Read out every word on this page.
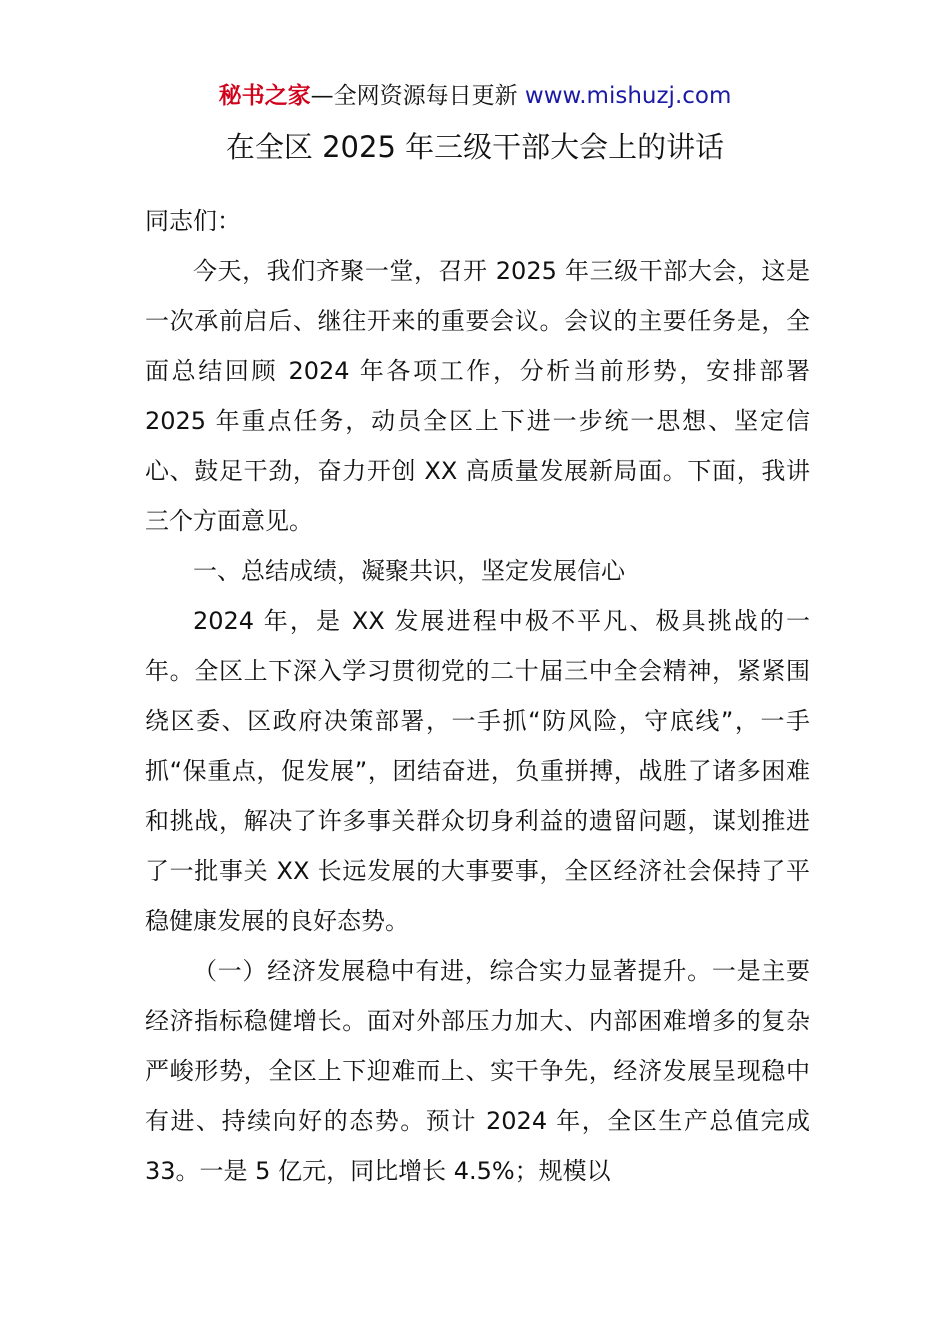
秘书之家—全网资源每日更新 www.mishuzj.com
在全区 2025 年三级干部大会上的讲话

同志们：

今天，我们齐聚一堂，召开 2025 年三级干部大会，这是一次承前启后、继往开来的重要会议。会议的主要任务是，全面总结回顾 2024 年各项工作，分析当前形势，安排部署 2025 年重点任务，动员全区上下进一步统一思想、坚定信心、鼓足干劲，奋力开创 XX 高质量发展新局面。下面，我讲三个方面意见。

一、总结成绩，凝聚共识，坚定发展信心

2024 年，是 XX 发展进程中极不平凡、极具挑战的一年。全区上下深入学习贯彻党的二十届三中全会精神，紧紧围绕区委、区政府决策部署，一手抓“防风险，守底线”，一手抓“保重点，促发展”，团结奋进，负重拼搏，战胜了诸多困难和挑战，解决了许多事关群众切身利益的遗留问题，谋划推进了一批事关 XX 长远发展的大事要事，全区经济社会保持了平稳健康发展的良好态势。

（一）经济发展稳中有进，综合实力显著提升。一是主要经济指标稳健增长。面对外部压力加大、内部困难增多的复杂严峻形势，全区上下迎难而上、实干争先，经济发展呈现稳中有进、持续向好的态势。预计 2024 年，全区生产总值完成 33。一是 5 亿元，同比增长 4.5%；规模以
